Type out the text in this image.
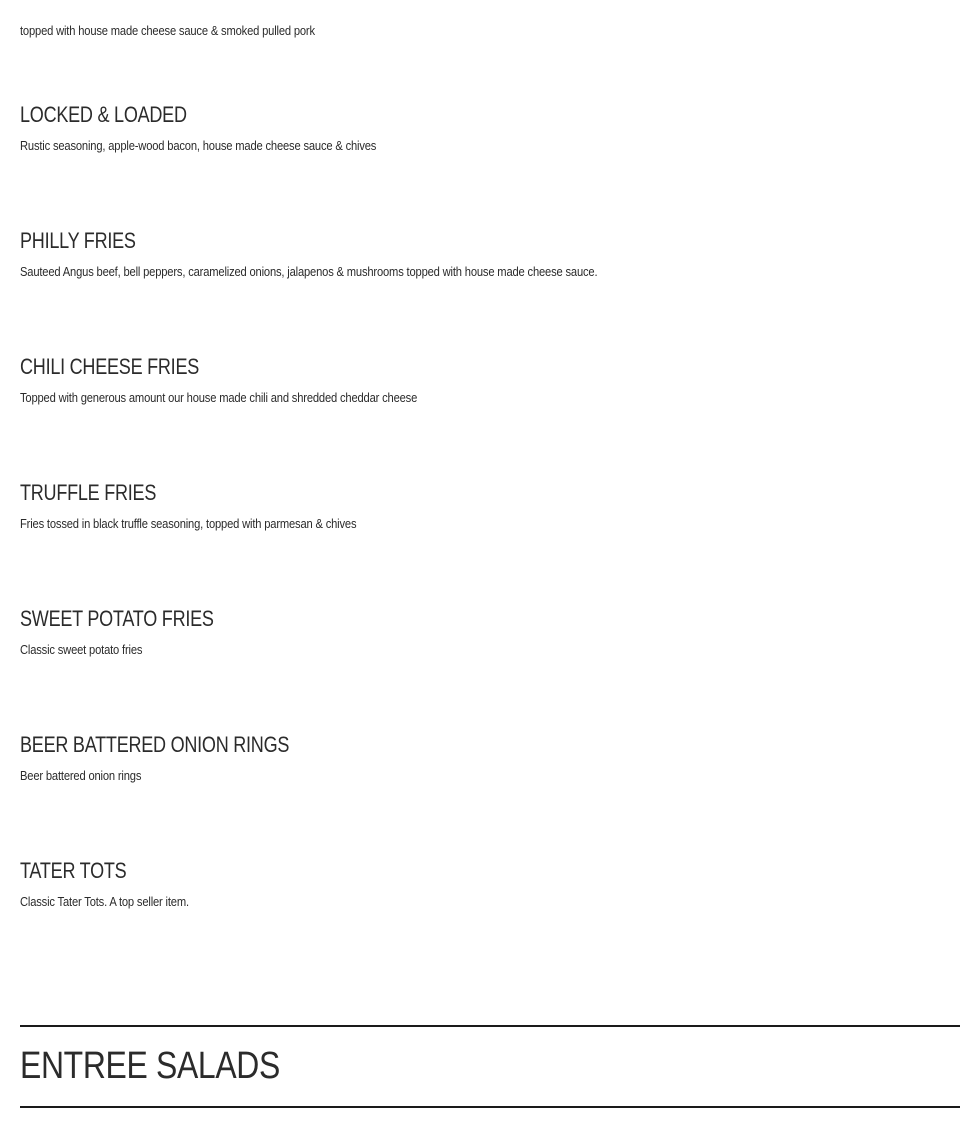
topped with house made cheese sauce & smoked pulled pork
LOCKED & LOADED
Rustic seasoning, apple-wood bacon, house made cheese sauce & chives
PHILLY FRIES
Sauteed Angus beef, bell peppers, caramelized onions, jalapenos & mushrooms topped with house made cheese sauce.
CHILI CHEESE FRIES
Topped with generous amount our house made chili and shredded cheddar cheese
TRUFFLE FRIES
Fries tossed in black truffle seasoning, topped with parmesan & chives
SWEET POTATO FRIES
Classic sweet potato fries
BEER BATTERED ONION RINGS
Beer battered onion rings
TATER TOTS
Classic Tater Tots. A top seller item.
ENTREE SALADS
